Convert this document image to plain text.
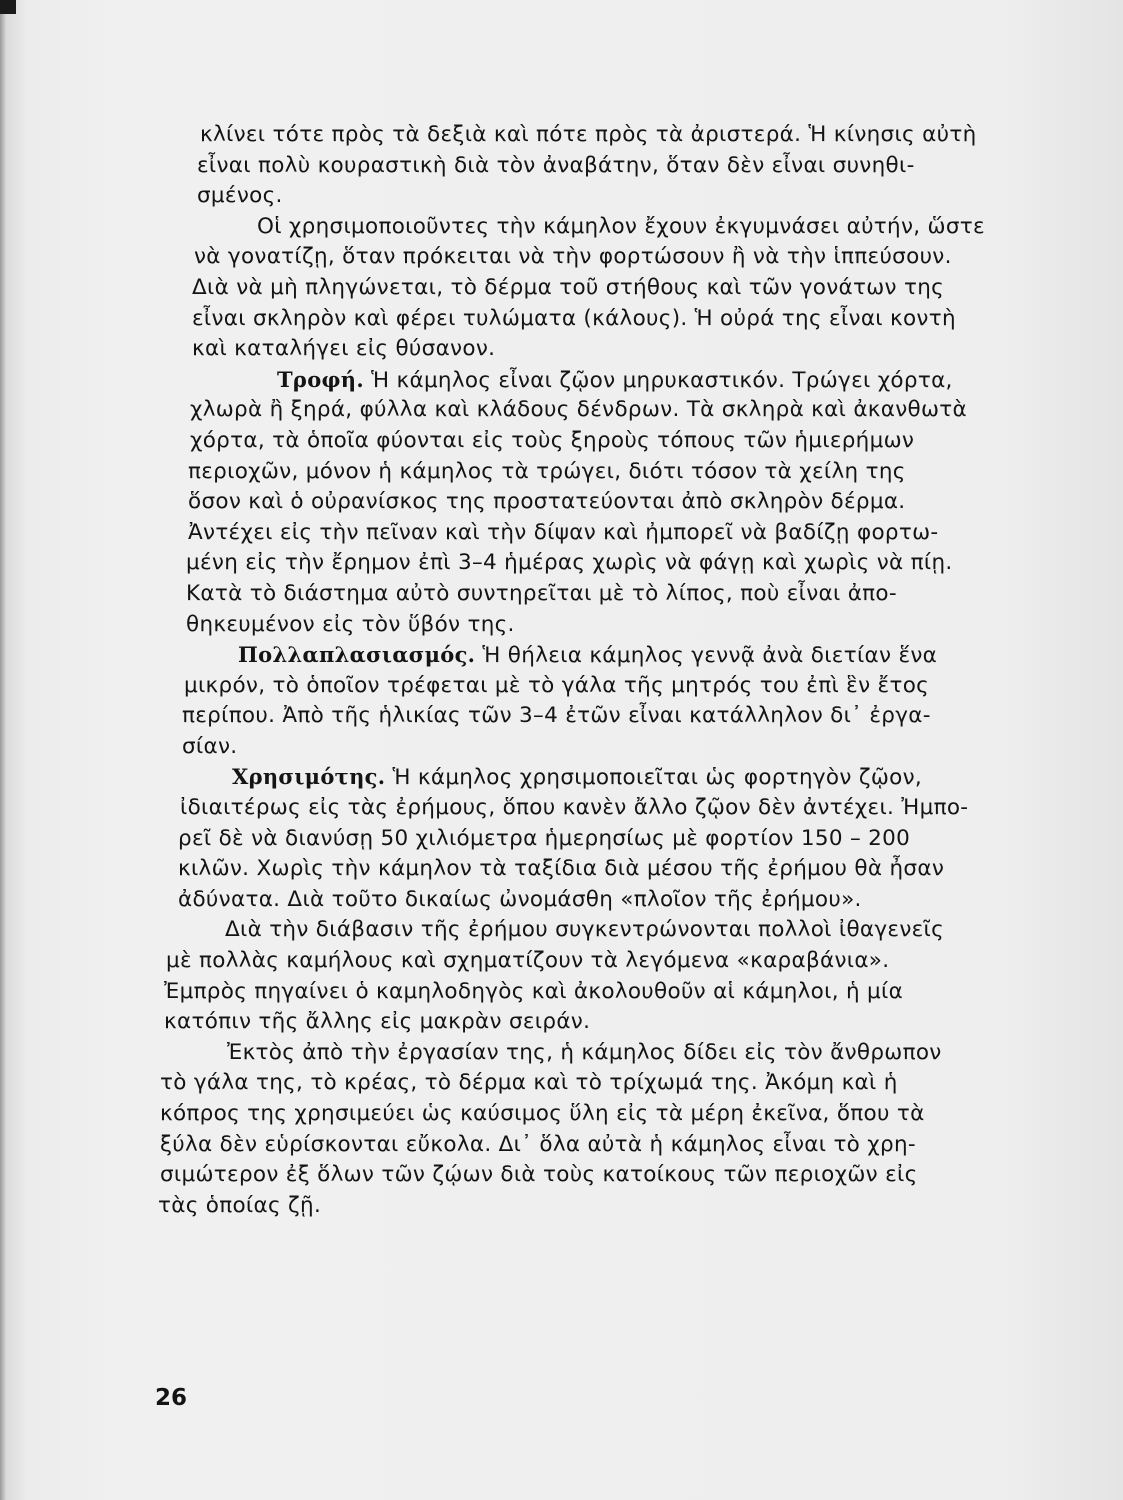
κλίνει τότε πρὸς τὰ δεξιὰ καὶ πότε πρὸς τὰ ἀριστερά. Ἡ κίνησις αὐτὴ
εἶναι πολὺ κουραστικὴ διὰ τὸν ἀναβάτην, ὅταν δὲν εἶναι συνηθι-
σμένος.
Οἱ χρησιμοποιοῦντες τὴν κάμηλον ἔχουν ἐκγυμνάσει αὐτήν, ὥστε
νὰ γονατίζῃ, ὅταν πρόκειται νὰ τὴν φορτώσουν ἢ νὰ τὴν ἱππεύσουν.
Διὰ νὰ μὴ πληγώνεται, τὸ δέρμα τοῦ στήθους καὶ τῶν γονάτων της
εἶναι σκληρὸν καὶ φέρει τυλώματα (κάλους). Ἡ οὐρά της εἶναι κοντὴ
καὶ καταλήγει εἰς θύσανον.
Τροφή. Ἡ κάμηλος εἶναι ζῷον μηρυκαστικόν. Τρώγει χόρτα,
χλωρὰ ἢ ξηρά, φύλλα καὶ κλάδους δένδρων. Τὰ σκληρὰ καὶ ἀκανθωτὰ
χόρτα, τὰ ὁποῖα φύονται εἰς τοὺς ξηροὺς τόπους τῶν ἡμιερήμων
περιοχῶν, μόνον ἡ κάμηλος τὰ τρώγει, διότι τόσον τὰ χείλη της
ὅσον καὶ ὁ οὐρανίσκος της προστατεύονται ἀπὸ σκληρὸν δέρμα.
Ἀντέχει εἰς τὴν πεῖναν καὶ τὴν δίψαν καὶ ἠμπορεῖ νὰ βαδίζῃ φορτω-
μένη εἰς τὴν ἔρημον ἐπὶ 3–4 ἡμέρας χωρὶς νὰ φάγῃ καὶ χωρὶς νὰ πίῃ.
Κατὰ τὸ διάστημα αὐτὸ συντηρεῖται μὲ τὸ λίπος, ποὺ εἶναι ἀπο-
θηκευμένον εἰς τὸν ὕβόν της.
Πολλαπλασιασμός. Ἡ θήλεια κάμηλος γεννᾷ ἀνὰ διετίαν ἕνα
μικρόν, τὸ ὁποῖον τρέφεται μὲ τὸ γάλα τῆς μητρός του ἐπὶ ἓν ἔτος
περίπου. Ἀπὸ τῆς ἡλικίας τῶν 3–4 ἐτῶν εἶναι κατάλληλον δι᾽ ἐργα-
σίαν.
Χρησιμότης. Ἡ κάμηλος χρησιμοποιεῖται ὡς φορτηγὸν ζῷον,
ἰδιαιτέρως εἰς τὰς ἐρήμους, ὅπου κανὲν ἄλλο ζῷον δὲν ἀντέχει. Ἠμπο-
ρεῖ δὲ νὰ διανύσῃ 50 χιλιόμετρα ἡμερησίως μὲ φορτίον 150 – 200
κιλῶν. Χωρὶς τὴν κάμηλον τὰ ταξίδια διὰ μέσου τῆς ἐρήμου θὰ ἦσαν
ἀδύνατα. Διὰ τοῦτο δικαίως ὠνομάσθη «πλοῖον τῆς ἐρήμου».
Διὰ τὴν διάβασιν τῆς ἐρήμου συγκεντρώνονται πολλοὶ ἰθαγενεῖς
μὲ πολλὰς καμήλους καὶ σχηματίζουν τὰ λεγόμενα «καραβάνια».
Ἐμπρὸς πηγαίνει ὁ καμηλοδηγὸς καὶ ἀκολουθοῦν αἱ κάμηλοι, ἡ μία
κατόπιν τῆς ἄλλης εἰς μακρὰν σειράν.
Ἐκτὸς ἀπὸ τὴν ἐργασίαν της, ἡ κάμηλος δίδει εἰς τὸν ἄνθρωπον
τὸ γάλα της, τὸ κρέας, τὸ δέρμα καὶ τὸ τρίχωμά της. Ἀκόμη καὶ ἡ
κόπρος της χρησιμεύει ὡς καύσιμος ὕλη εἰς τὰ μέρη ἐκεῖνα, ὅπου τὰ
ξύλα δὲν εὑρίσκονται εὔκολα. Δι᾽ ὅλα αὐτὰ ἡ κάμηλος εἶναι τὸ χρη-
σιμώτερον ἐξ ὅλων τῶν ζῴων διὰ τοὺς κατοίκους τῶν περιοχῶν εἰς
τὰς ὁποίας ζῇ.
26
